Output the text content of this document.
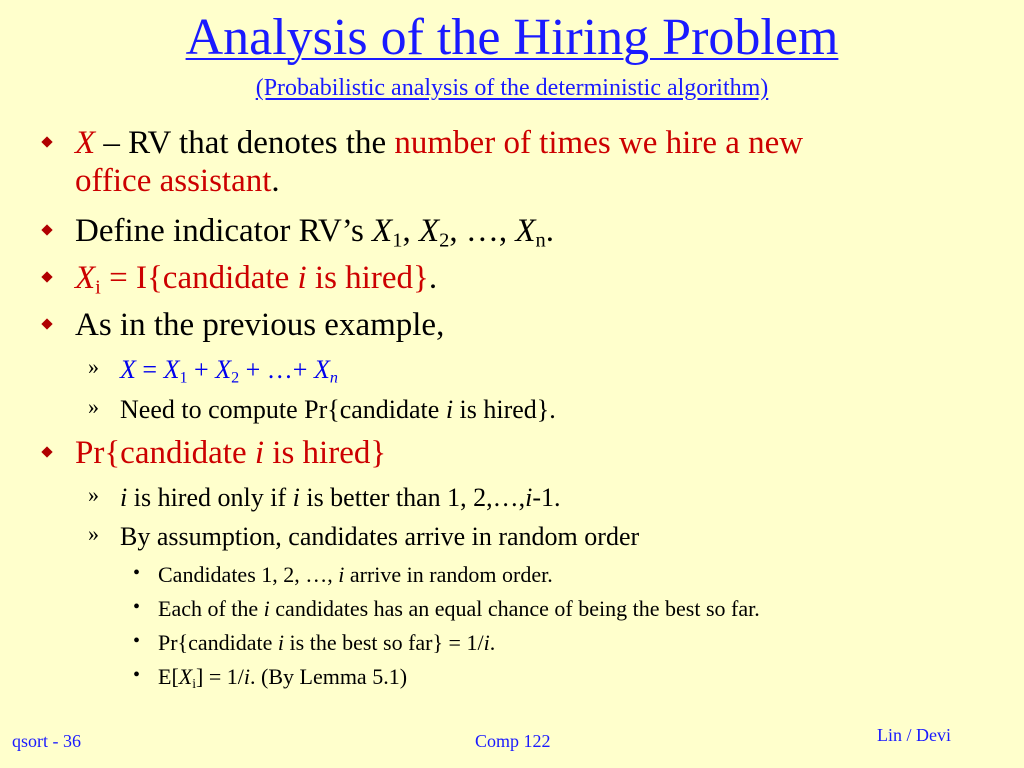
Analysis of the Hiring Problem
(Probabilistic analysis of the deterministic algorithm)
X – RV that denotes the number of times we hire a new
office assistant.
Define indicator RV’s $X_1$, $X_2$, …, $X_n$.
$X_i$ = I{candidate i is hired}.
As in the previous example,
» $X = X_1 + X_2$ + …+ $X_n$
» Need to compute Pr{candidate i is hired}.
Pr{candidate i is hired}
» i is hired only if i is better than 1, 2,…,i-1.
» By assumption, candidates arrive in random order
• Candidates 1, 2, …, i arrive in random order.
• Each of the i candidates has an equal chance of being the best so far.
• Pr{candidate i is the best so far} = 1/i.
• $E[X_i] = 1/i$. (By Lemma 5.1)
qsort - 36	Comp 122	Lin / Devi
